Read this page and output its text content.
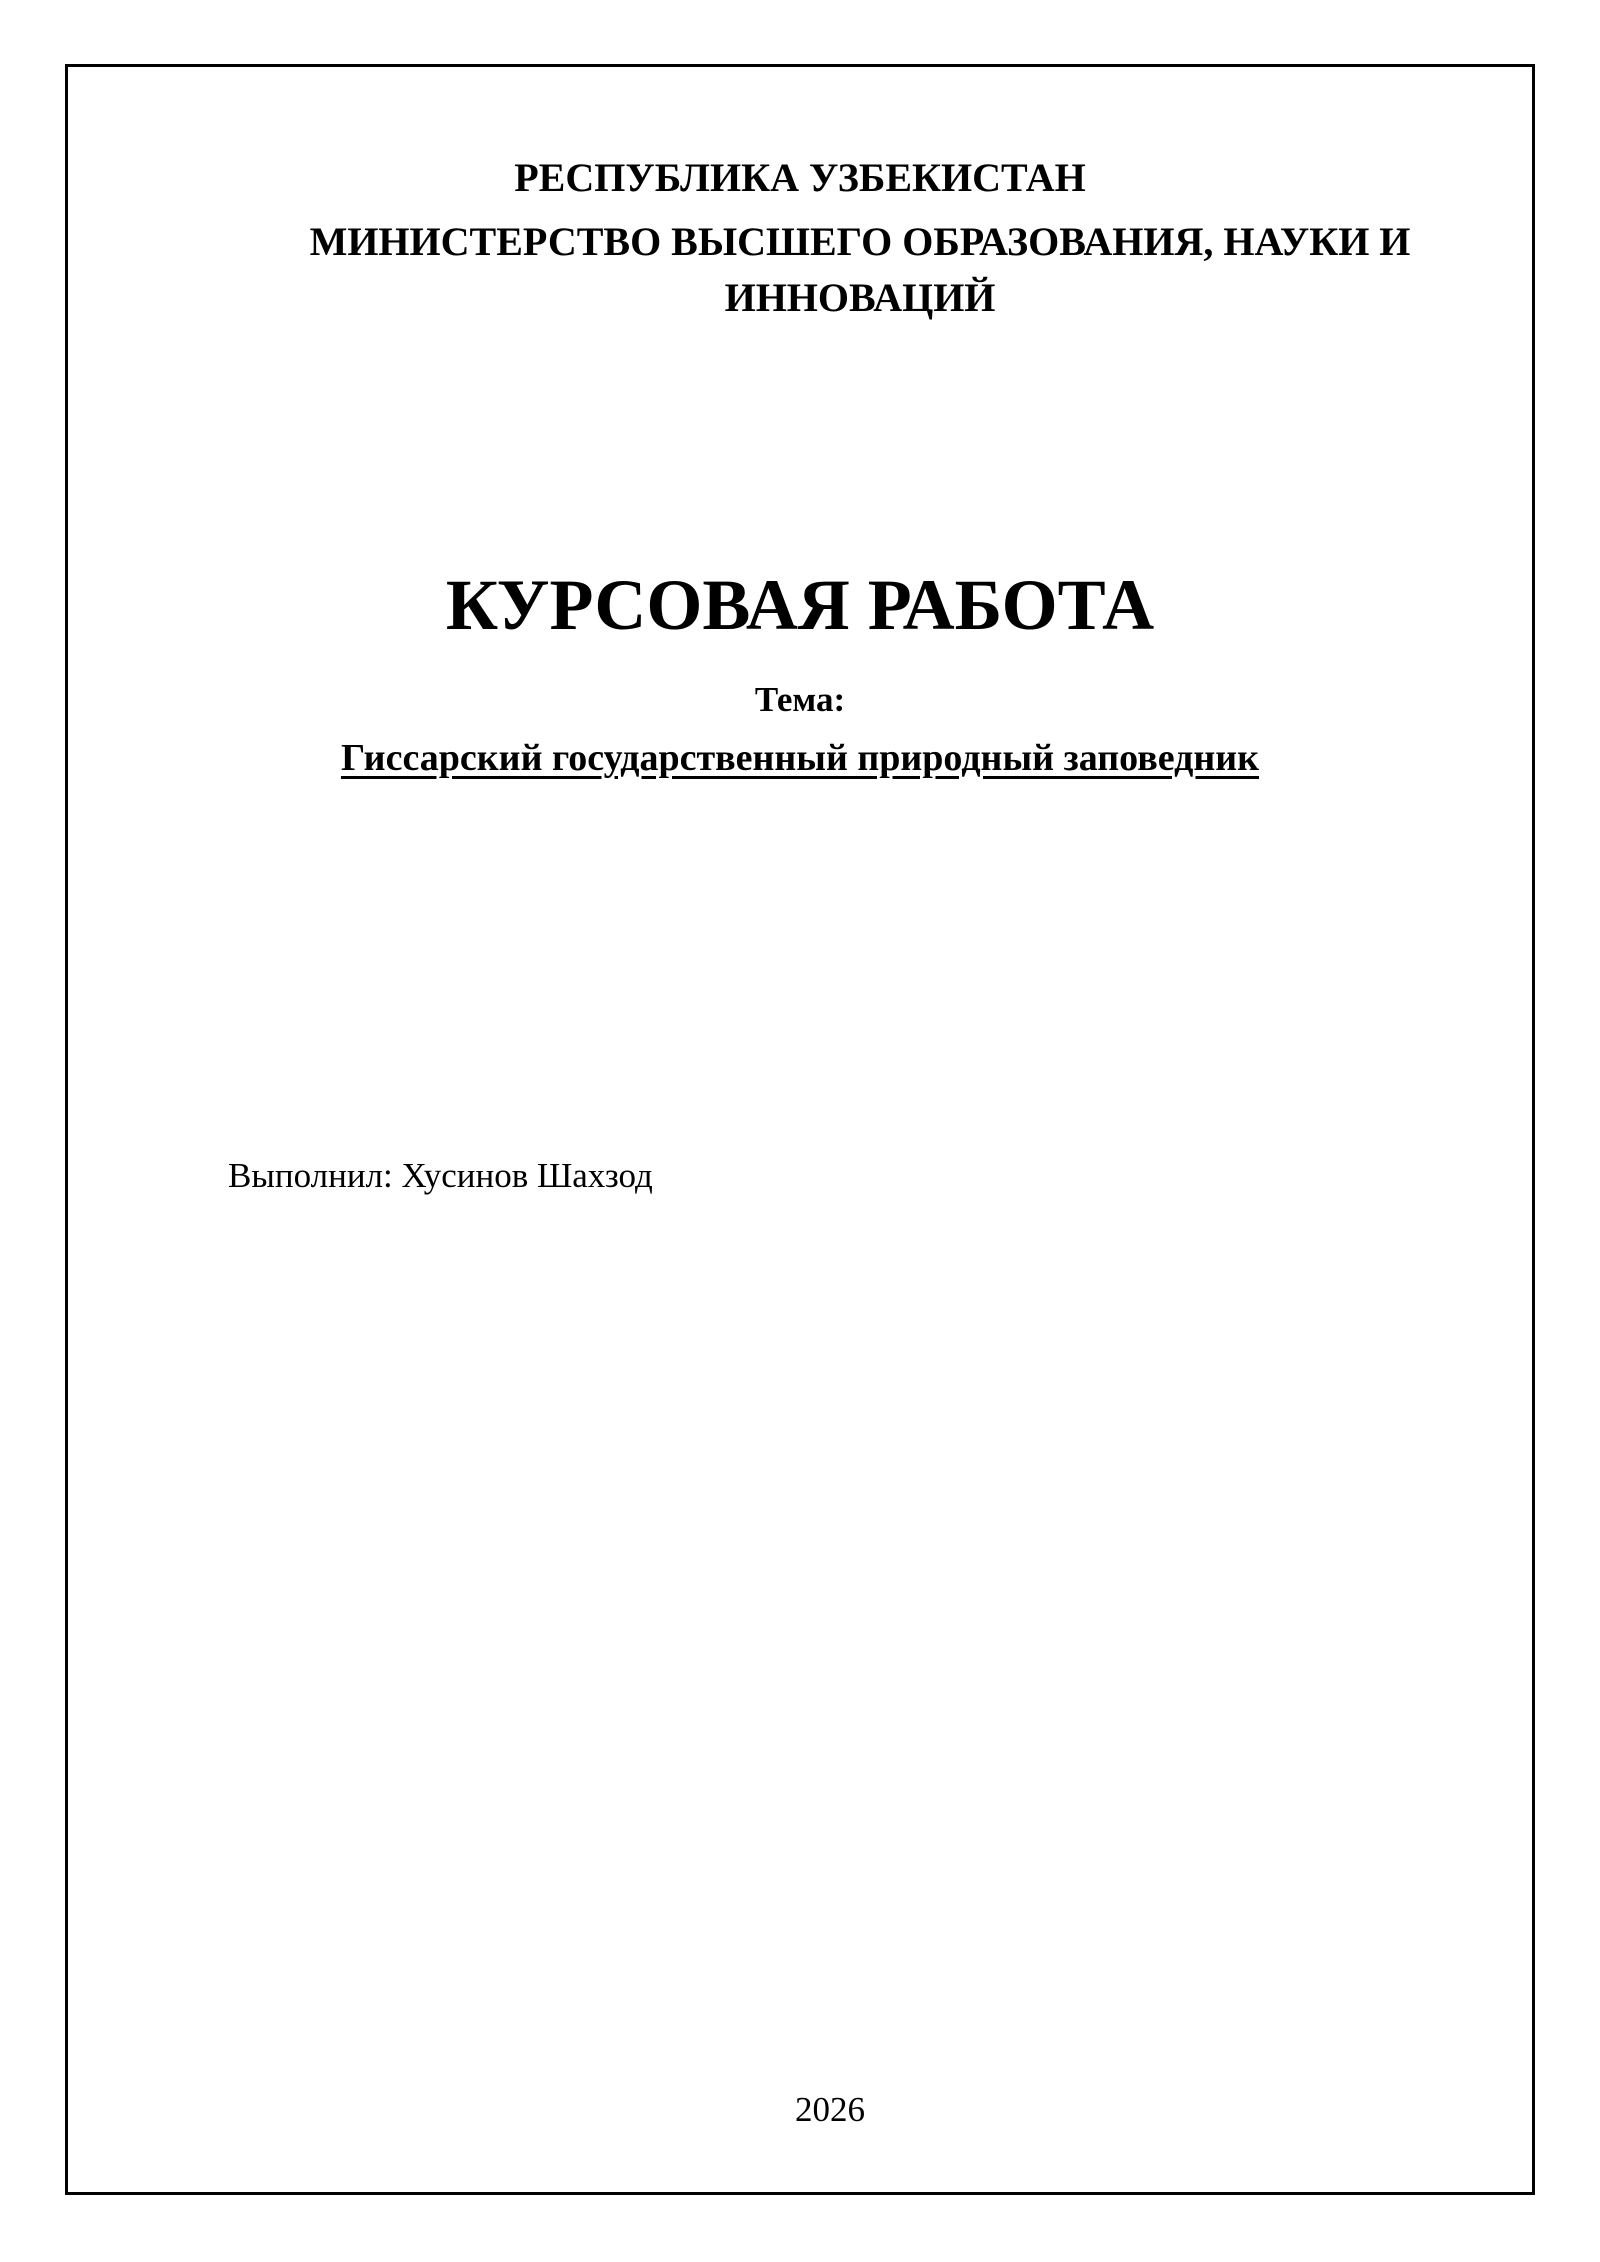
РЕСПУБЛИКА УЗБЕКИСТАН
МИНИСТЕРСТВО ВЫСШЕГО ОБРАЗОВАНИЯ, НАУКИ И ИННОВАЦИЙ
КУРСОВАЯ РАБОТА
Тема:
Гиссарский государственный природный заповедник
Выполнил: Хусинов Шахзод
2026
